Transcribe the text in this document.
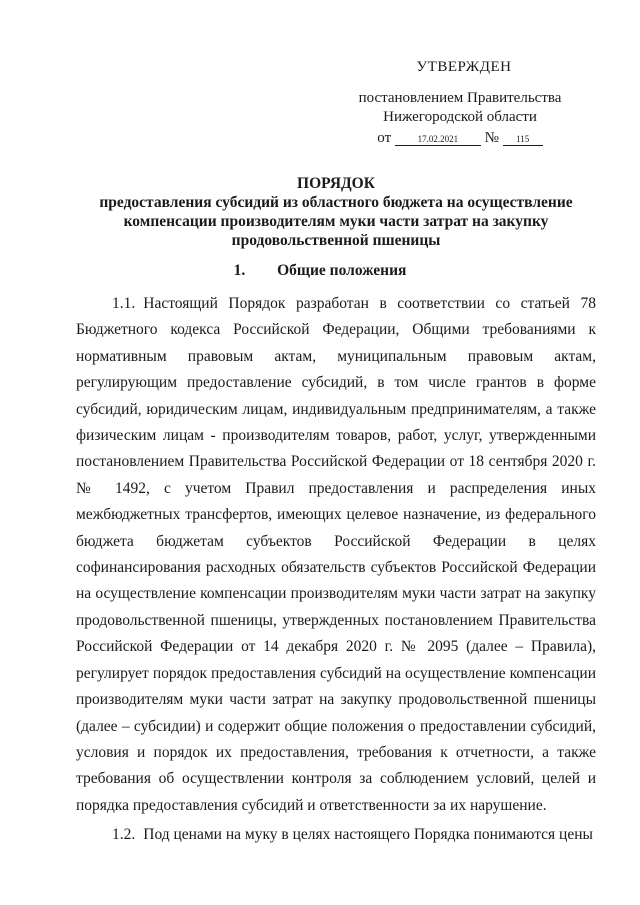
УТВЕРЖДЕН
постановлением Правительства
Нижегородской области
от	17.02.2021 № 115
ПОРЯДОК
предоставления субсидий из областного бюджета на осуществление компенсации производителям муки части затрат на закупку продовольственной пшеницы
1. Общие положения

1.1. Настоящий Порядок разработан в соответствии со статьей 78 Бюджетного кодекса Российской Федерации, Общими требованиями к нормативным правовым актам, муниципальным правовым актам, регулирующим предоставление субсидий, в том числе грантов в форме субсидий, юридическим лицам, индивидуальным предпринимателям, а также физическим лицам - производителям товаров, работ, услуг, утвержденными постановлением Правительства Российской Федерации от 18 сентября 2020 г. № 1492, с учетом Правил предоставления и распределения иных межбюджетных трансфертов, имеющих целевое назначение, из федерального бюджета бюджетам субъектов Российской Федерации в целях софинансирования расходных обязательств субъектов Российской Федерации на осуществление компенсации производителям муки части затрат на закупку продовольственной пшеницы, утвержденных постановлением Правительства Российской Федерации от 14 декабря 2020 г. № 2095 (далее – Правила), регулирует порядок предоставления субсидий на осуществление компенсации производителям муки части затрат на закупку продовольственной пшеницы (далее – субсидии) и содержит общие положения о предоставлении субсидий, условия и порядок их предоставления, требования к отчетности, а также требования об осуществлении контроля за соблюдением условий, целей и порядка предоставления субсидий и ответственности за их нарушение.

1.2. Под ценами на муку в целях настоящего Порядка понимаются цены
